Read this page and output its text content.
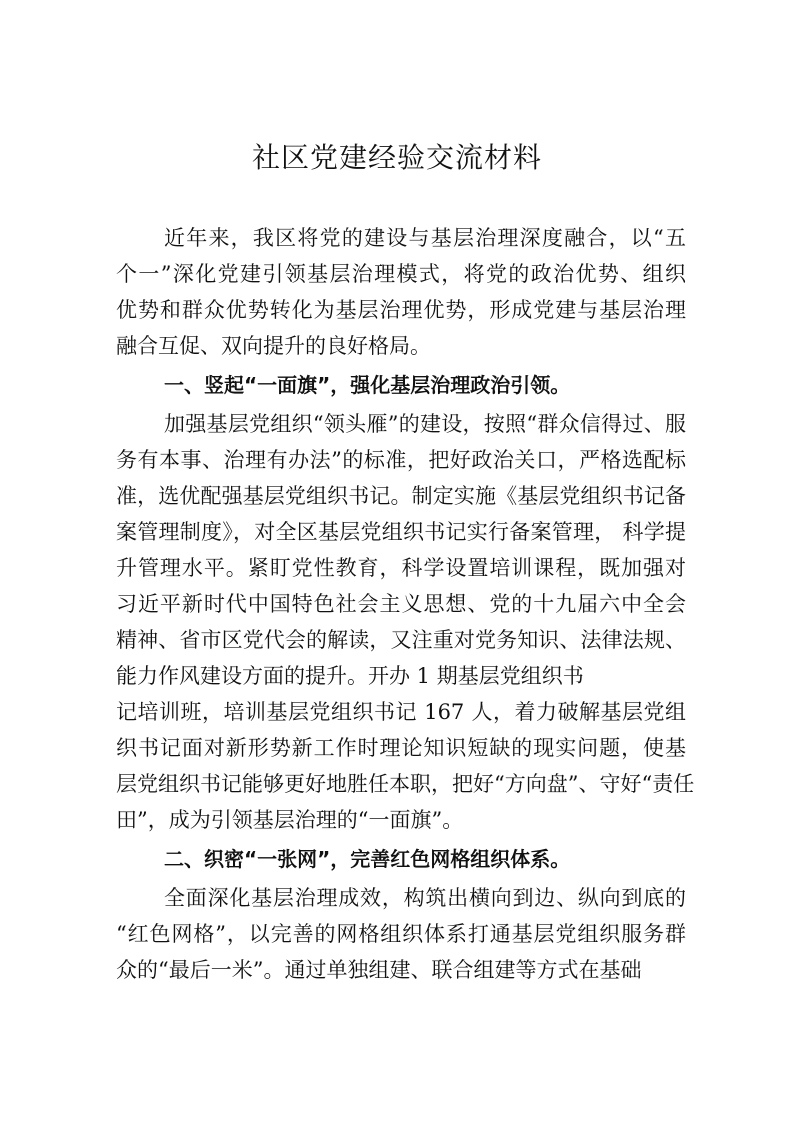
社区党建经验交流材料
近年来，我区将党的建设与基层治理深度融合，以“五
个一”深化党建引领基层治理模式，将党的政治优势、组织
优势和群众优势转化为基层治理优势，形成党建与基层治理
融合互促、双向提升的良好格局。
一、竖起“一面旗”，强化基层治理政治引领。
加强基层党组织“领头雁”的建设，按照“群众信得过、服
务有本事、治理有办法”的标准，把好政治关口，严格选配标
准，选优配强基层党组织书记。制定实施《基层党组织书记备
案管理制度》，对全区基层党组织书记实行备案管理， 科学提
升管理水平。紧盯党性教育，科学设置培训课程，既加强对
习近平新时代中国特色社会主义思想、党的十九届六中全会
精神、省市区党代会的解读，又注重对党务知识、法律法规、
能力作风建设方面的提升。开办 1 期基层党组织书
记培训班，培训基层党组织书记 167 人，着力破解基层党组
织书记面对新形势新工作时理论知识短缺的现实问题，使基
层党组织书记能够更好地胜任本职，把好“方向盘”、守好“责任
田”，成为引领基层治理的“一面旗”。
二、织密“一张网”，完善红色网格组织体系。
全面深化基层治理成效，构筑出横向到边、纵向到底的
“红色网格”，以完善的网格组织体系打通基层党组织服务群
众的“最后一米”。通过单独组建、联合组建等方式在基础
